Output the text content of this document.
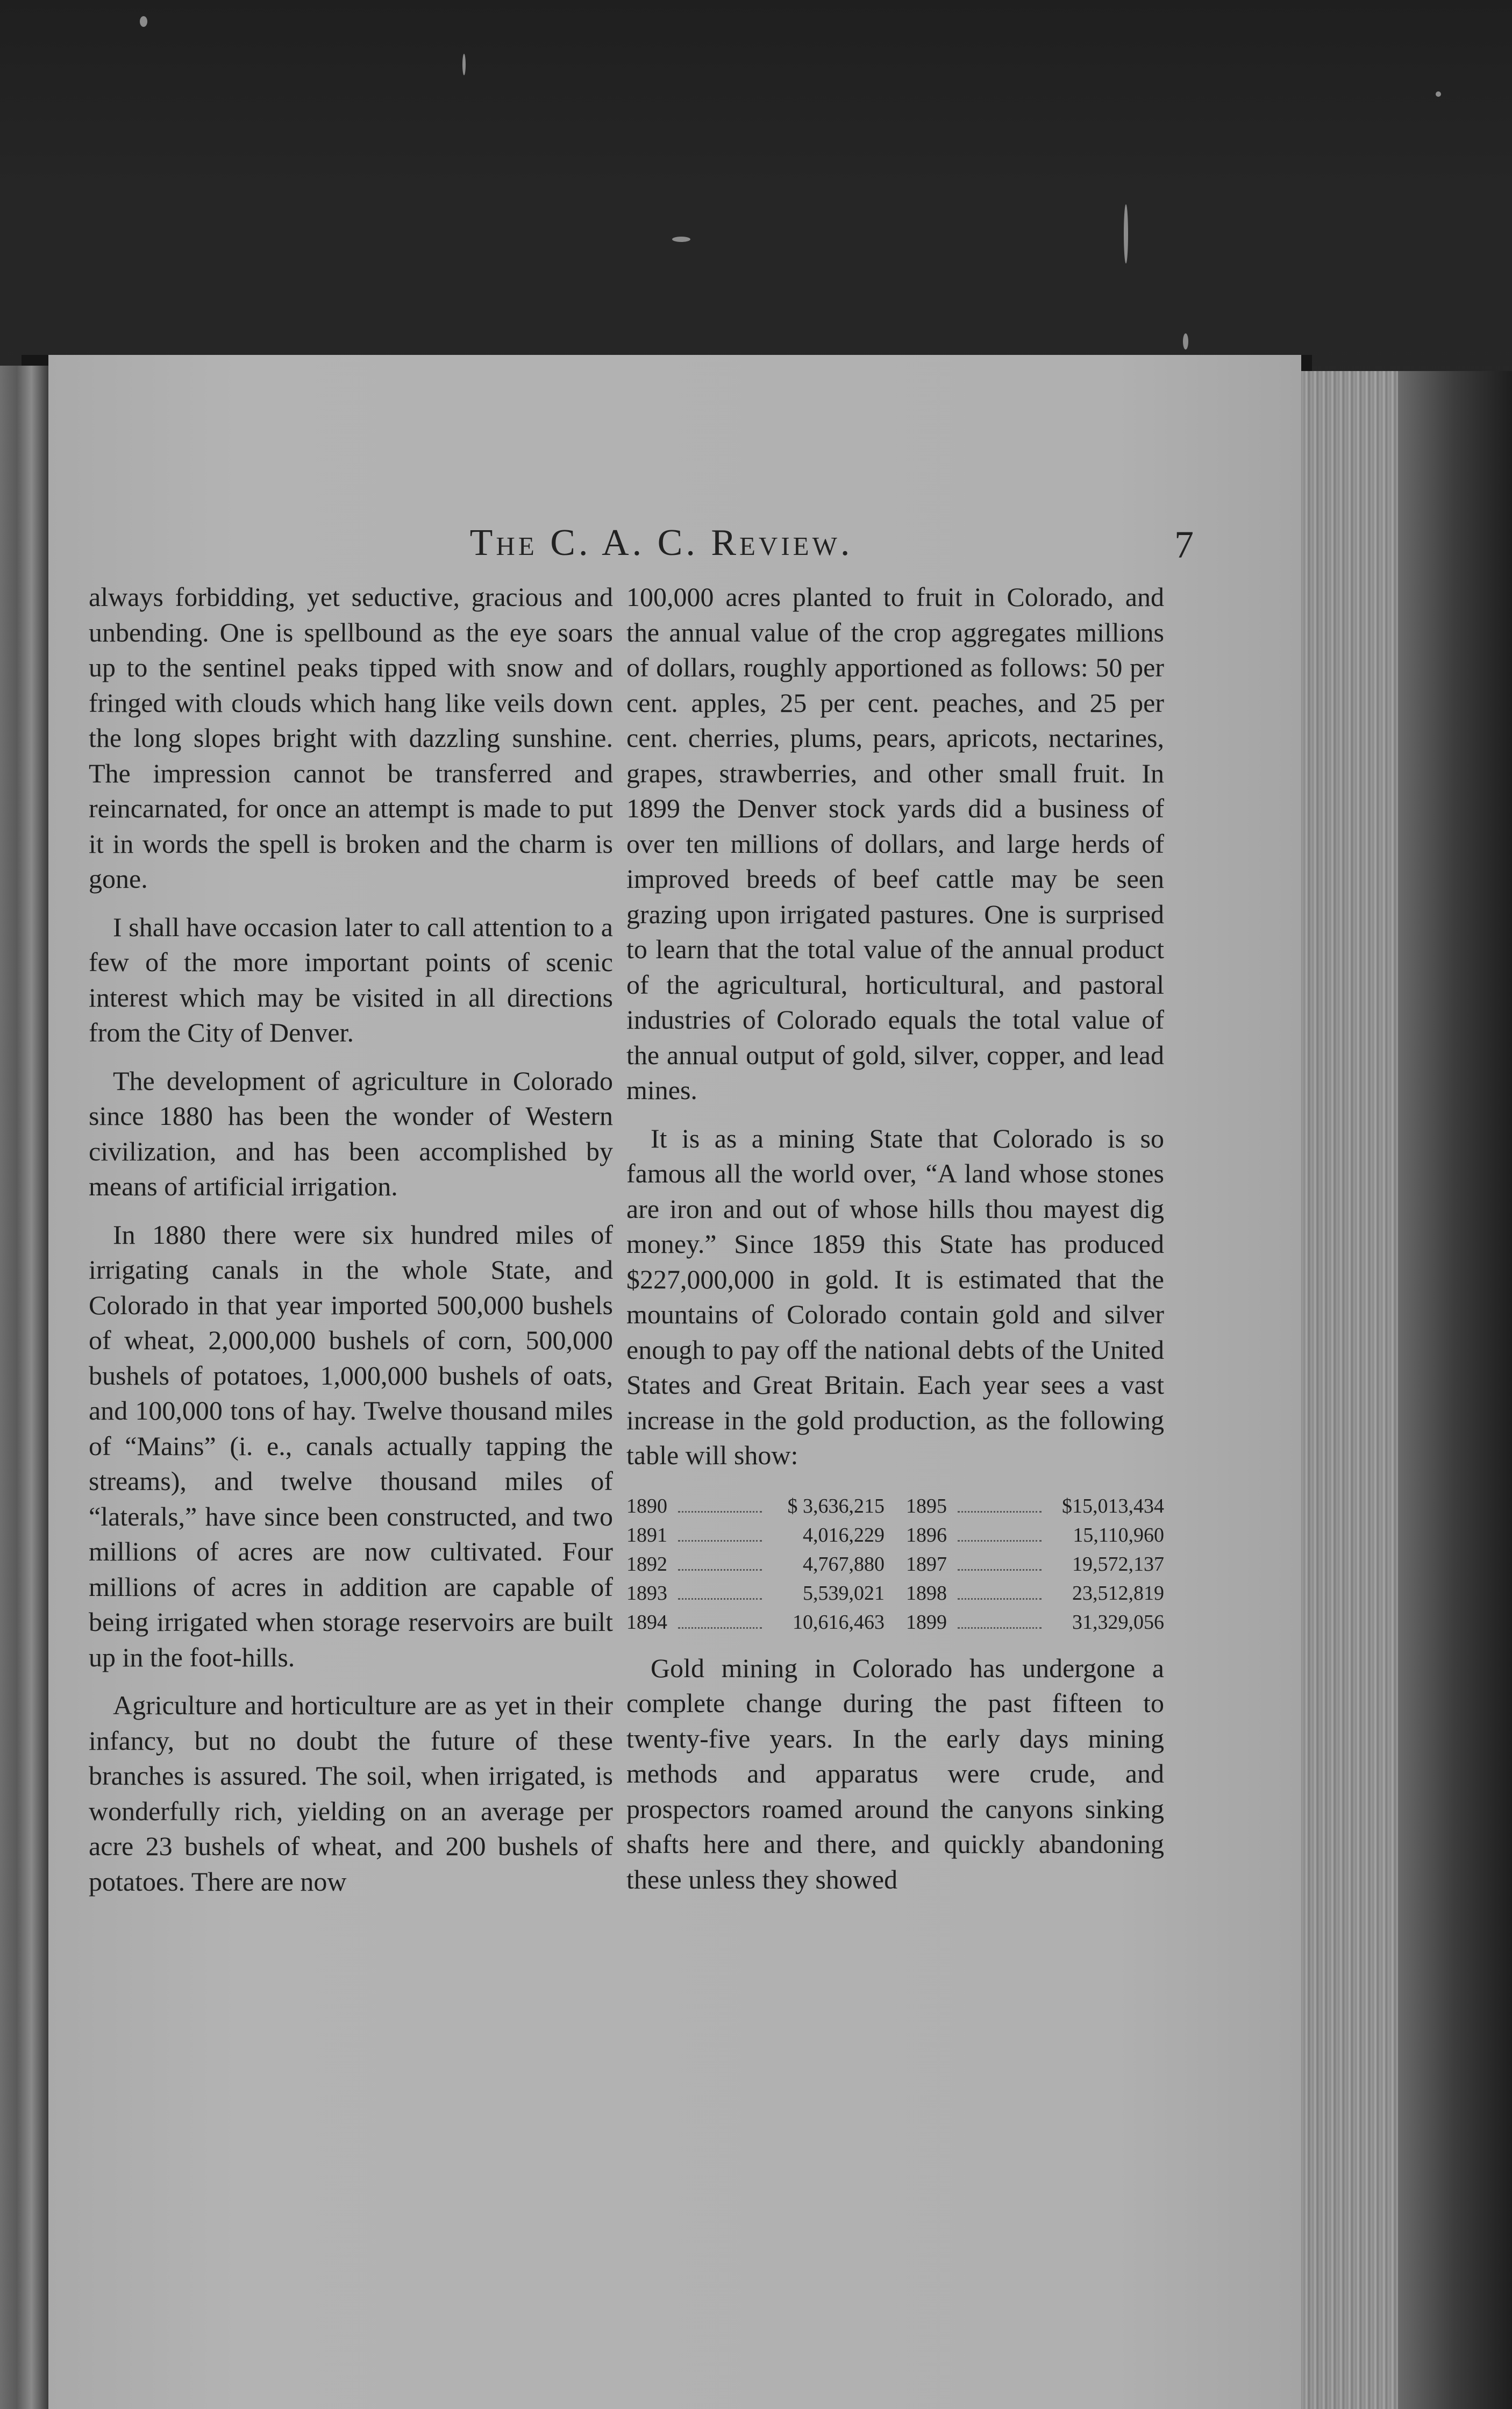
The C. A. C. Review.	7

always forbidding, yet seductive, gracious and unbending. One is spellbound as the eye soars up to the sentinel peaks tipped with snow and fringed with clouds which hang like veils down the long slopes bright with dazzling sunshine. The impression cannot be transferred and reincarnated, for once an attempt is made to put it in words the spell is broken and the charm is gone.

I shall have occasion later to call attention to a few of the more important points of scenic interest which may be visited in all directions from the City of Denver.

The development of agriculture in Colorado since 1880 has been the wonder of Western civilization, and has been accomplished by means of artificial irrigation.

In 1880 there were six hundred miles of irrigating canals in the whole State, and Colorado in that year imported 500,000 bushels of wheat, 2,000,000 bushels of corn, 500,000 bushels of potatoes, 1,000,000 bushels of oats, and 100,000 tons of hay. Twelve thousand miles of “Mains” (i. e., canals actually tapping the streams), and twelve thousand miles of “laterals,” have since been constructed, and two millions of acres are now cultivated. Four millions of acres in addition are capable of being irrigated when storage reservoirs are built up in the foot-hills.

Agriculture and horticulture are as yet in their infancy, but no doubt the future of these branches is assured. The soil, when irrigated, is wonderfully rich, yielding on an average per acre 23 bushels of wheat, and 200 bushels of potatoes. There are now

100,000 acres planted to fruit in Colorado, and the annual value of the crop aggregates millions of dollars, roughly apportioned as follows: 50 per cent. apples, 25 per cent. peaches, and 25 per cent. cherries, plums, pears, apricots, nectarines, grapes, strawberries, and other small fruit. In 1899 the Denver stock yards did a business of over ten millions of dollars, and large herds of improved breeds of beef cattle may be seen grazing upon irrigated pastures. One is surprised to learn that the total value of the annual product of the agricultural, horticultural, and pastoral industries of Colorado equals the total value of the annual output of gold, silver, copper, and lead mines.

It is as a mining State that Colorado is so famous all the world over, “A land whose stones are iron and out of whose hills thou mayest dig money.” Since 1859 this State has produced $227,000,000 in gold. It is estimated that the mountains of Colorado contain gold and silver enough to pay off the national debts of the United States and Great Britain. Each year sees a vast increase in the gold production, as the following table will show:

1890	$ 3,636,215
1891	4,016,229
1892	4,767,880
1893	5,539,021
1894	10,616,463
1895	$15,013,434
1896	15,110,960
1897	19,572,137
1898	23,512,819
1899	31,329,056

Gold mining in Colorado has undergone a complete change during the past fifteen to twenty-five years. In the early days mining methods and apparatus were crude, and prospectors roamed around the canyons sinking shafts here and there, and quickly abandoning these unless they showed
